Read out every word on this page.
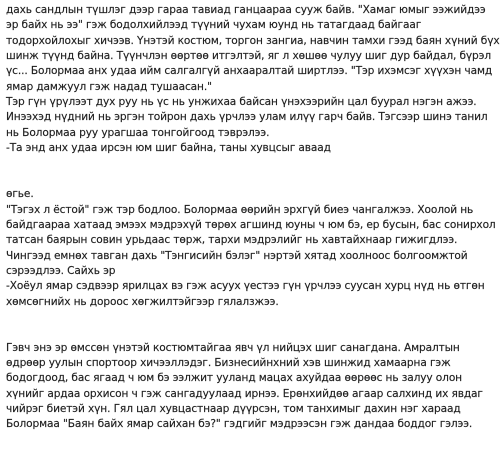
дахь сандлын түшлэг дээр гараа тавиад ганцаараа сууж байв. "Хамаг юмыг ээжийдээ
эр байх нь ээ" гэж бодолхийлээд түүний чухам юунд нь татагдаад байгааг
тодорхойлохыг хичээв. Үнэтэй костюм, торгон зангиа, навчин тамхи гээд баян хүний бүх
шинж түүнд байна. Түүнчлэн өөртөө итгэлтэй, яг л хөшөө чулуу шиг дур байдал, бүрэл
үс... Болормаа анх удаа ийм салгалгүй анхааралтай ширтлээ. "Тэр ихэмсэг хүүхэн чамд
ямар дамжуул гэж надад тушаасан."
Тэр гүн үрүлээт дух руу нь үс нь унжихаа байсан үнэхээрийн цал буурал нэгэн ажээ.
Инээхэд нүдний нь эргэн тойрон дахь үрчлээ улам илүү гарч байв. Тэгсээр шинэ танил
нь Болормаа руу урагшаа тонгойгоод тэврэлээ.
-Та энд анх удаа ирсэн юм шиг байна, таны хувцсыг аваад
өгье.
"Тэгэх л ёстой" гэж тэр бодлоо. Болормаа өөрийн эрхгүй биеэ чангалжээ. Хоолой нь
байдгаараа хатаад эмээх мэдрэхүй төрөх агшинд юуны ч юм бэ, ер бусын, бас сонирхол
татсан баярын совин урьдаас төрж, тархи мэдрэлийг нь хавтайхнаар гижигдлээ.
Чингээд емнөх тавган дахь "Тэнгисийн бэлэг" нэртэй хятад хоолноос болгоомжтой
сэрээдлээ. Сайхь эр
-Хоёул ямар сэдвээр ярилцах вэ гэж асуух үестээ гүн үрчлээ суусан хурц нүд нь өтгөн
хөмсөгнийх нь дороос хөгжилтэйгээр гялалзжээ.
Гэвч энэ эр өмссөн үнэтэй костюмтайгаа явч үл нийцэх шиг санагдана. Амралтын
өдрөөр уулын спортоор хичээллэдэг. Бизнесийнхний хэв шинжид хамаарна гэж
бодогдоод, бас ягаад ч юм бэ ээлжит ууланд мацах ахуйдаа өөрөөс нь залуу олон
хүнийг ардаа орхисон ч гэж сангадуулаад ирнээ. Ерөнхийдөө агаар салхинд их явдаг
чийрэг биетэй хүн. Гял цал хувцастнаар дүүрсэн, том танхимыг дахин нэг хараад
Болормаа "Баян байх ямар сайхан бэ?" гэдгийг мэдрээсэн гэж дандаа боддог гэлээ.
